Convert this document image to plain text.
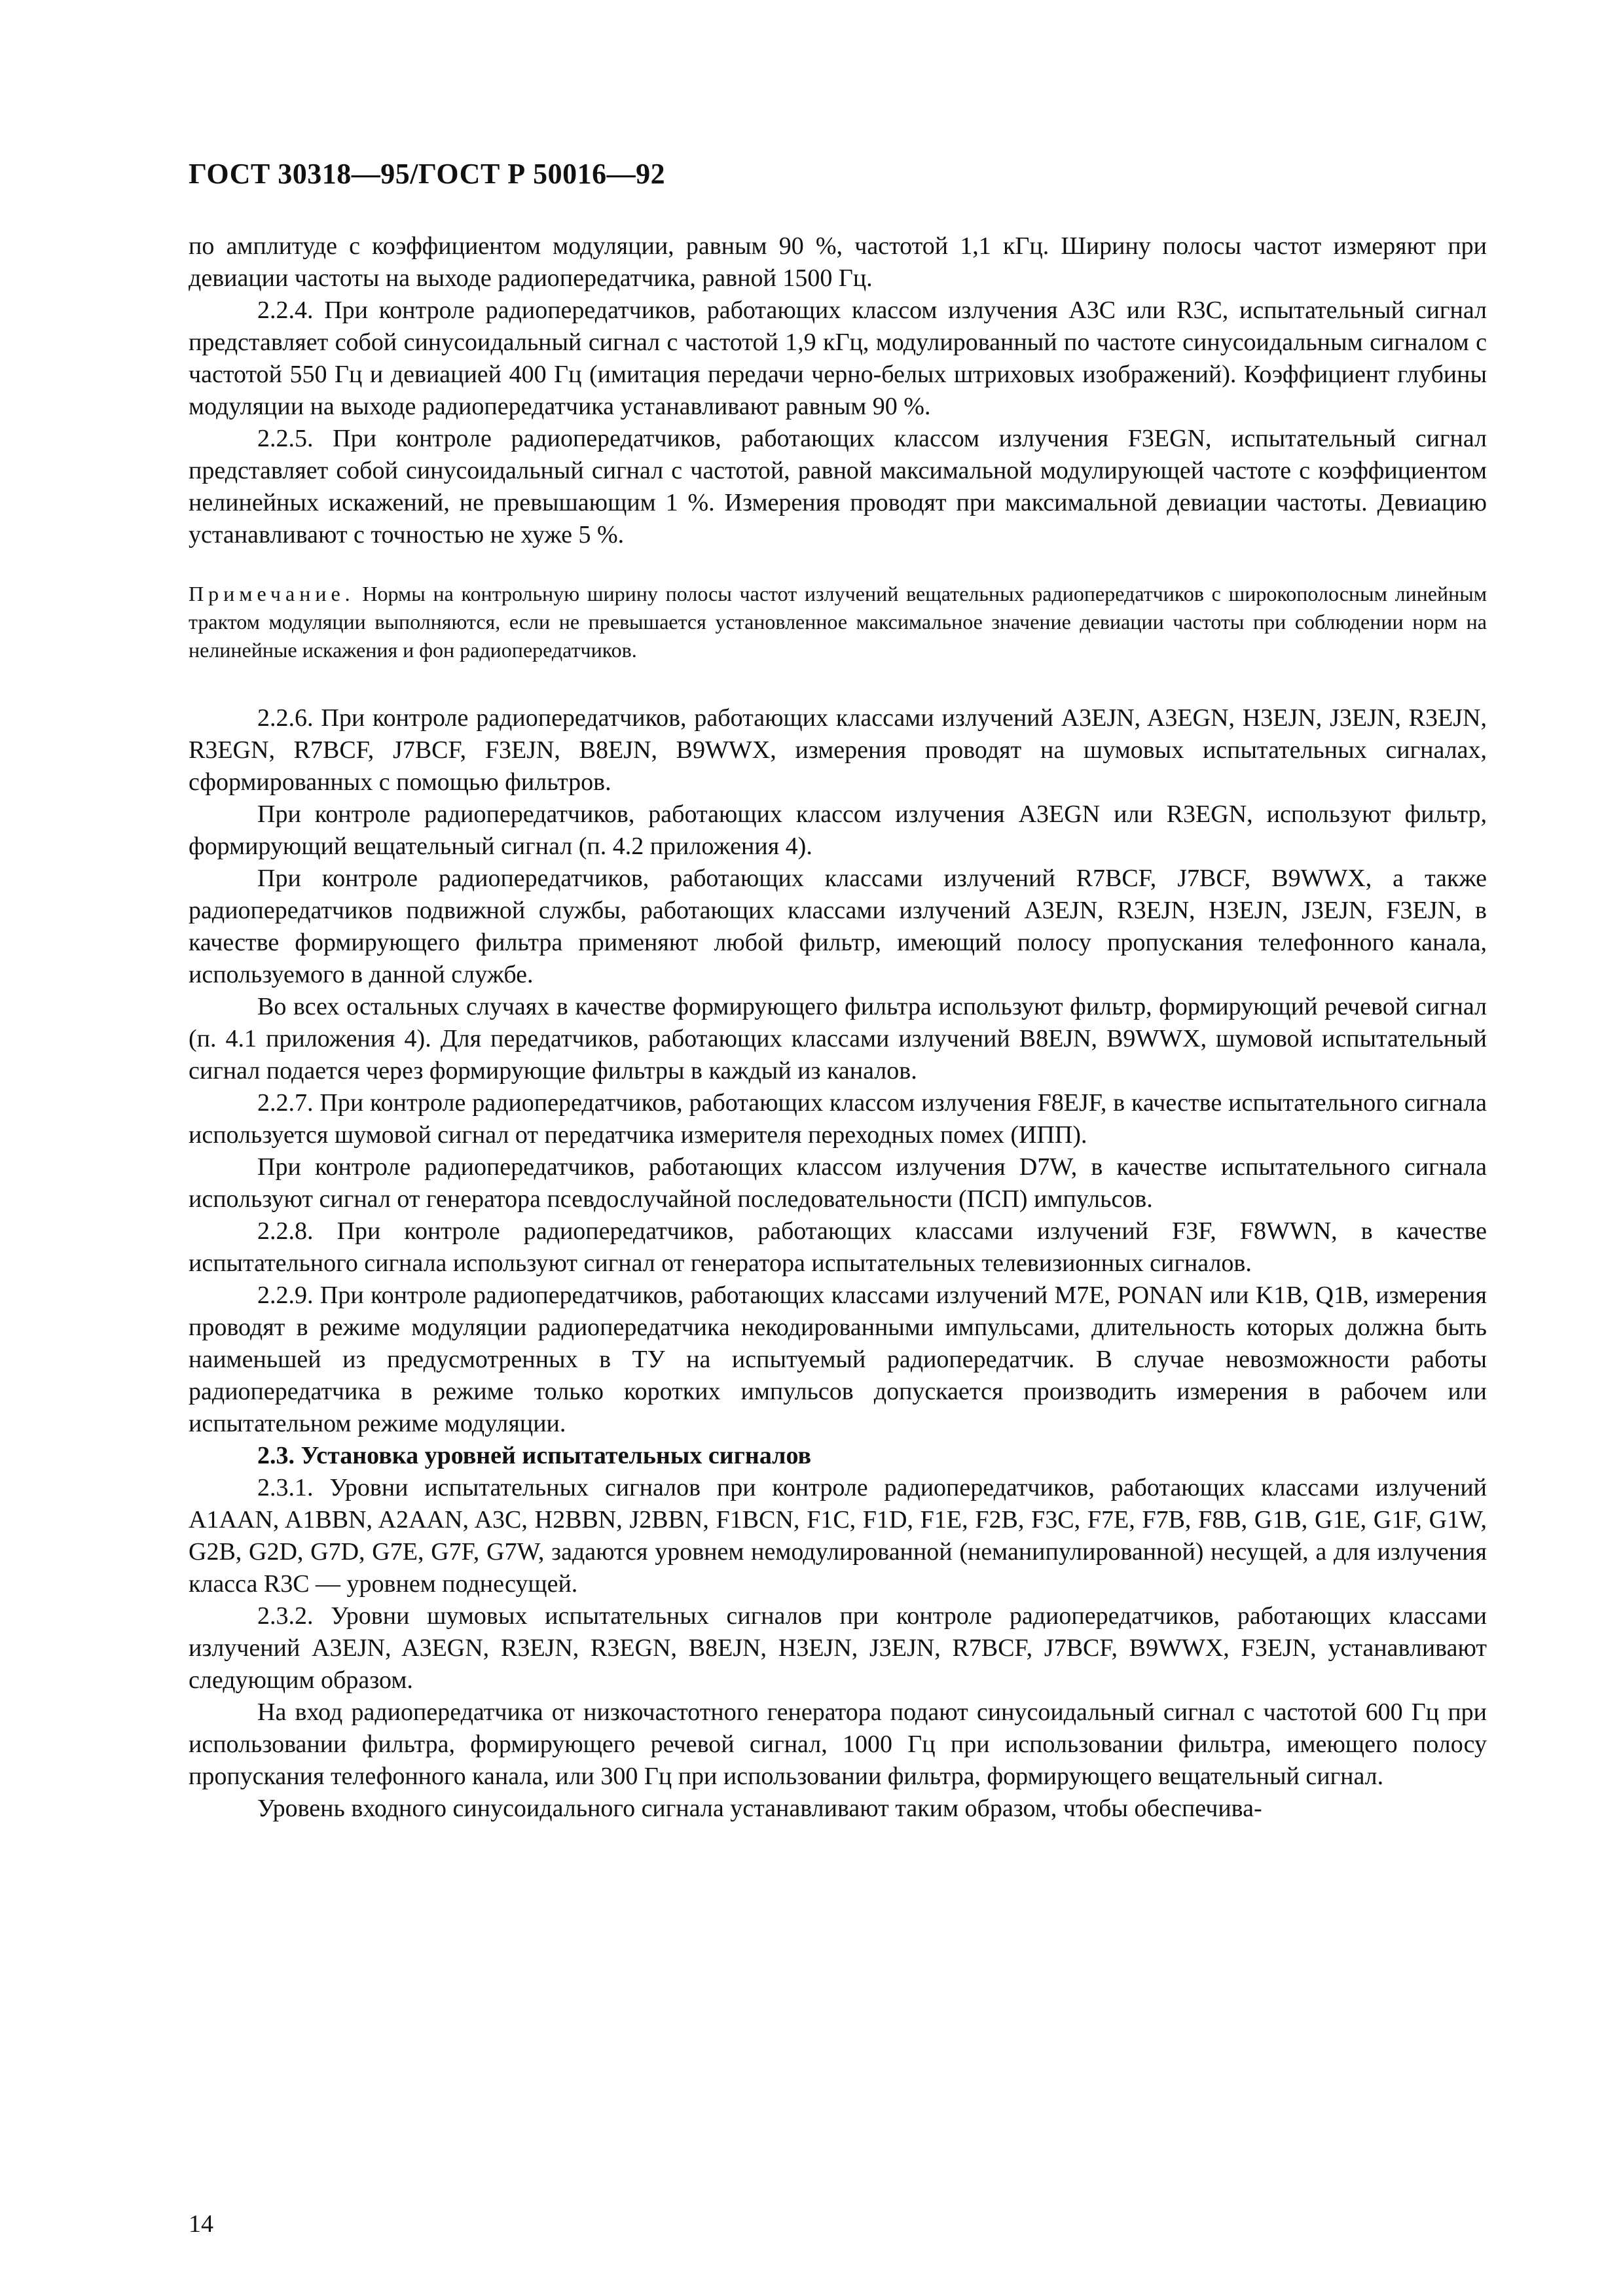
ГОСТ 30318—95/ГОСТ Р 50016—92

по амплитуде с коэффициентом модуляции, равным 90 %, частотой 1,1 кГц. Ширину полосы частот измеряют при девиации частоты на выходе радиопередатчика, равной 1500 Гц.

2.2.4. При контроле радиопередатчиков, работающих классом излучения А3С или R3C, испытательный сигнал представляет собой синусоидальный сигнал с частотой 1,9 кГц, модулированный по частоте синусоидальным сигналом с частотой 550 Гц и девиацией 400 Гц (имитация передачи черно-белых штриховых изображений). Коэффициент глубины модуляции на выходе радиопередатчика устанавливают равным 90 %.

2.2.5. При контроле радиопередатчиков, работающих классом излучения F3EGN, испытательный сигнал представляет собой синусоидальный сигнал с частотой, равной максимальной модулирующей частоте с коэффициентом нелинейных искажений, не превышающим 1 %. Измерения проводят при максимальной девиации частоты. Девиацию устанавливают с точностью не хуже 5 %.

Примечание. Нормы на контрольную ширину полосы частот излучений вещательных радиопередатчиков с широкополосным линейным трактом модуляции выполняются, если не превышается установленное максимальное значение девиации частоты при соблюдении норм на нелинейные искажения и фон радиопередатчиков.

2.2.6. При контроле радиопередатчиков, работающих классами излучений А3EJN, A3EGN, H3EJN, J3EJN, R3EJN, R3EGN, R7BCF, J7BCF, F3EJN, B8EJN, B9WWX, измерения проводят на шумовых испытательных сигналах, сформированных с помощью фильтров.

При контроле радиопередатчиков, работающих классом излучения A3EGN или R3EGN, используют фильтр, формирующий вещательный сигнал (п. 4.2 приложения 4).

При контроле радиопередатчиков, работающих классами излучений R7BCF, J7BCF, B9WWX, а также радиопередатчиков подвижной службы, работающих классами излучений A3EJN, R3EJN, H3EJN, J3EJN, F3EJN, в качестве формирующего фильтра применяют любой фильтр, имеющий полосу пропускания телефонного канала, используемого в данной службе.

Во всех остальных случаях в качестве формирующего фильтра используют фильтр, формирующий речевой сигнал (п. 4.1 приложения 4). Для передатчиков, работающих классами излучений B8EJN, B9WWX, шумовой испытательный сигнал подается через формирующие фильтры в каждый из каналов.

2.2.7. При контроле радиопередатчиков, работающих классом излучения F8EJF, в качестве испытательного сигнала используется шумовой сигнал от передатчика измерителя переходных помех (ИПП).

При контроле радиопередатчиков, работающих классом излучения D7W, в качестве испытательного сигнала используют сигнал от генератора псевдослучайной последовательности (ПСП) импульсов.

2.2.8. При контроле радиопередатчиков, работающих классами излучений F3F, F8WWN, в качестве испытательного сигнала используют сигнал от генератора испытательных телевизионных сигналов.

2.2.9. При контроле радиопередатчиков, работающих классами излучений M7E, PONAN или K1B, Q1B, измерения проводят в режиме модуляции радиопередатчика некодированными импульсами, длительность которых должна быть наименьшей из предусмотренных в ТУ на испытуемый радиопередатчик. В случае невозможности работы радиопередатчика в режиме только коротких импульсов допускается производить измерения в рабочем или испытательном режиме модуляции.

2.3. Установка уровней испытательных сигналов

2.3.1. Уровни испытательных сигналов при контроле радиопередатчиков, работающих классами излучений A1AAN, A1BBN, A2AAN, A3C, H2BBN, J2BBN, F1BCN, F1C, F1D, F1E, F2B, F3C, F7E, F7B, F8B, G1B, G1E, G1F, G1W, G2B, G2D, G7D, G7E, G7F, G7W, задаются уровнем немодулированной (неманипулированной) несущей, а для излучения класса R3C — уровнем поднесущей.

2.3.2. Уровни шумовых испытательных сигналов при контроле радиопередатчиков, работающих классами излучений A3EJN, A3EGN, R3EJN, R3EGN, B8EJN, H3EJN, J3EJN, R7BCF, J7BCF, B9WWX, F3EJN, устанавливают следующим образом.

На вход радиопередатчика от низкочастотного генератора подают синусоидальный сигнал с частотой 600 Гц при использовании фильтра, формирующего речевой сигнал, 1000 Гц при использовании фильтра, имеющего полосу пропускания телефонного канала, или 300 Гц при использовании фильтра, формирующего вещательный сигнал.

Уровень входного синусоидального сигнала устанавливают таким образом, чтобы обеспечива-

14
